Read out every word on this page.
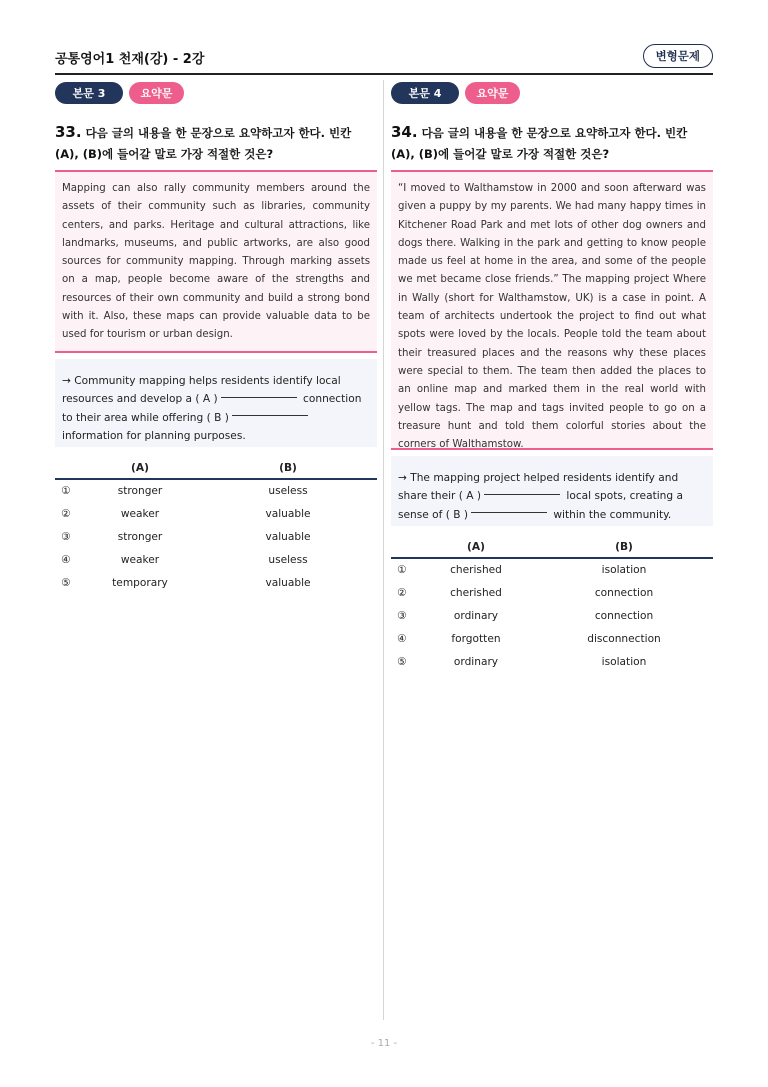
공통영어1 천재(강) - 2강	변형문제
본문 3	요약문
33. 다음 글의 내용을 한 문장으로 요약하고자 한다. 빈칸 (A), (B)에 들어갈 말로 가장 적절한 것은?
Mapping can also rally community members around the assets of their community such as libraries, community centers, and parks. Heritage and cultural attractions, like landmarks, museums, and public artworks, are also good sources for community mapping. Through marking assets on a map, people become aware of the strengths and resources of their own community and build a strong bond with it. Also, these maps can provide valuable data to be used for tourism or urban design.
→ Community mapping helps residents identify local resources and develop a ( A )	connection to their area while offering ( B ) information for planning purposes.
	(A)	(B)
①	stronger	useless
②	weaker	valuable
③	stronger	valuable
④	weaker	useless
⑤	temporary	valuable
본문 4	요약문
34. 다음 글의 내용을 한 문장으로 요약하고자 한다. 빈칸 (A), (B)에 들어갈 말로 가장 적절한 것은?
“I moved to Walthamstow in 2000 and soon afterward was given a puppy by my parents. We had many happy times in Kitchener Road Park and met lots of other dog owners and dogs there. Walking in the park and getting to know people made us feel at home in the area, and some of the people we met became close friends.” The mapping project Where in Wally (short for Walthamstow, UK) is a case in point. A team of architects undertook the project to find out what spots were loved by the locals. People told the team about their treasured places and the reasons why these places were special to them. The team then added the places to an online map and marked them in the real world with yellow tags. The map and tags invited people to go on a treasure hunt and told them colorful stories about the corners of Walthamstow.
→ The mapping project helped residents identify and share their ( A )	local spots, creating a sense of ( B )	within the community.
	(A)	(B)
①	cherished	isolation
②	cherished	connection
③	ordinary	connection
④	forgotten	disconnection
⑤	ordinary	isolation
- 11 -
